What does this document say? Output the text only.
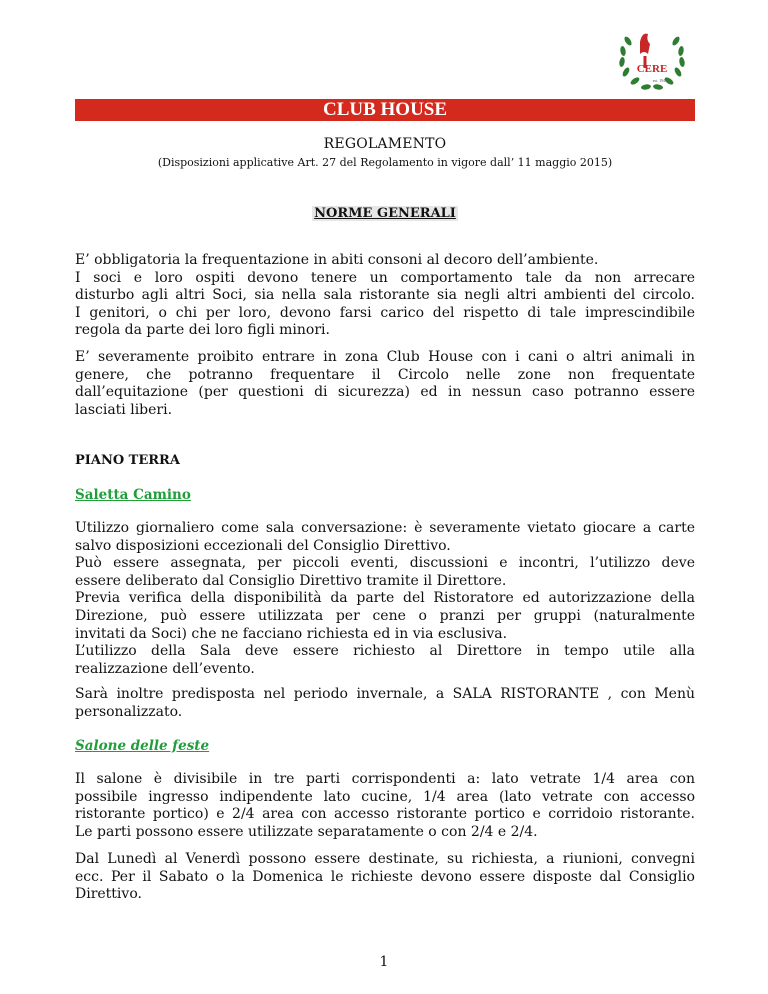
CERE
est. 1947
CLUB HOUSE
REGOLAMENTO
(Disposizioni applicative Art. 27 del Regolamento in vigore dall’ 11 maggio 2015)
NORME GENERALI
E’ obbligatoria la frequentazione in abiti consoni al decoro dell’ambiente.
I soci e loro ospiti devono tenere un comportamento tale da non arrecare
disturbo agli altri Soci, sia nella sala ristorante sia negli altri ambienti del circolo.
I genitori, o chi per loro, devono farsi carico del rispetto di tale imprescindibile
regola da parte dei loro figli minori.
E’ severamente proibito entrare in zona Club House con i cani o altri animali in
genere, che potranno frequentare il Circolo nelle zone non frequentate
dall’equitazione (per questioni di sicurezza) ed in nessun caso potranno essere
lasciati liberi.
PIANO TERRA
Saletta Camino
Utilizzo giornaliero come sala conversazione: è severamente vietato giocare a carte
salvo disposizioni eccezionali del Consiglio Direttivo.
Può essere assegnata, per piccoli eventi, discussioni e incontri, l’utilizzo deve
essere deliberato dal Consiglio Direttivo tramite il Direttore.
Previa verifica della disponibilità da parte del Ristoratore ed autorizzazione della
Direzione, può essere utilizzata per cene o pranzi per gruppi (naturalmente
invitati da Soci) che ne facciano richiesta ed in via esclusiva.
L’utilizzo della Sala deve essere richiesto al Direttore in tempo utile alla
realizzazione dell’evento.
Sarà inoltre predisposta nel periodo invernale, a SALA RISTORANTE , con Menù
personalizzato.
Salone delle feste
Il salone è divisibile in tre parti corrispondenti a: lato vetrate 1/4 area con
possibile ingresso indipendente lato cucine, 1/4 area (lato vetrate con accesso
ristorante portico) e 2/4 area con accesso ristorante portico e corridoio ristorante.
Le parti possono essere utilizzate separatamente o con 2/4 e 2/4.
Dal Lunedì al Venerdì possono essere destinate, su richiesta, a riunioni, convegni
ecc. Per il Sabato o la Domenica le richieste devono essere disposte dal Consiglio
Direttivo.
1
